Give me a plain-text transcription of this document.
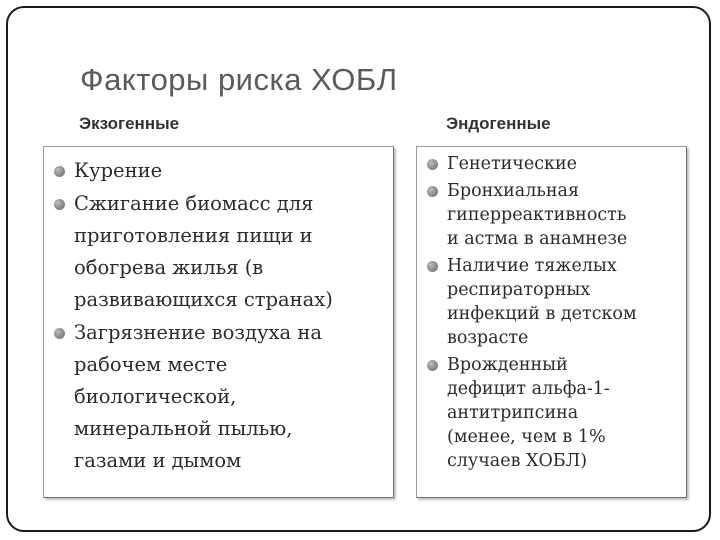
Факторы риска ХОБЛ
Экзогенные	Эндогенные
Курение
Сжигание биомасс для
приготовления пищи и
обогрева жилья (в
развивающихся странах)
Загрязнение воздуха на
рабочем месте
биологической,
минеральной пылью,
газами и дымом
Генетические
Бронхиальная
гиперреактивность
и астма в анамнезе
Наличие тяжелых
респираторных
инфекций в детском
возрасте
Врожденный
дефицит альфа-1-
антитрипсина
(менее, чем в 1%
случаев ХОБЛ)
